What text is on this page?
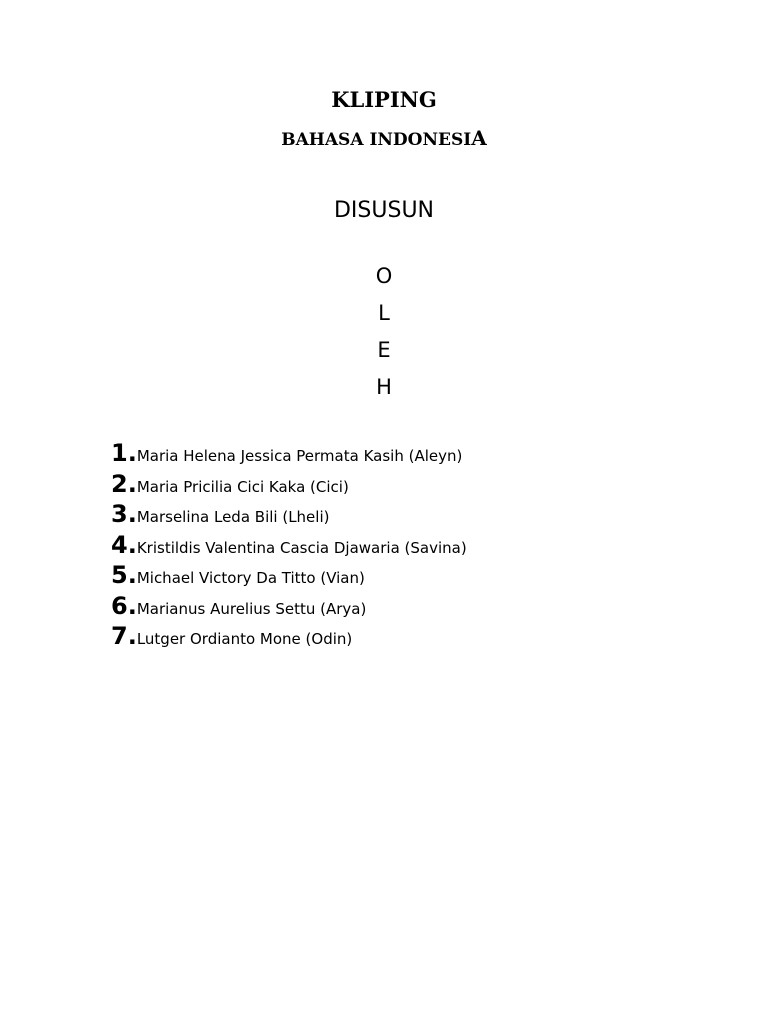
KLIPING
BAHASA INDONESIA
DISUSUN
O
L
E
H
1. Maria Helena Jessica Permata Kasih (Aleyn)
2. Maria Pricilia Cici Kaka (Cici)
3. Marselina Leda Bili (Lheli)
4. Kristildis Valentina Cascia Djawaria (Savina)
5. Michael Victory Da Titto (Vian)
6. Marianus Aurelius Settu (Arya)
7. Lutger Ordianto Mone (Odin)
